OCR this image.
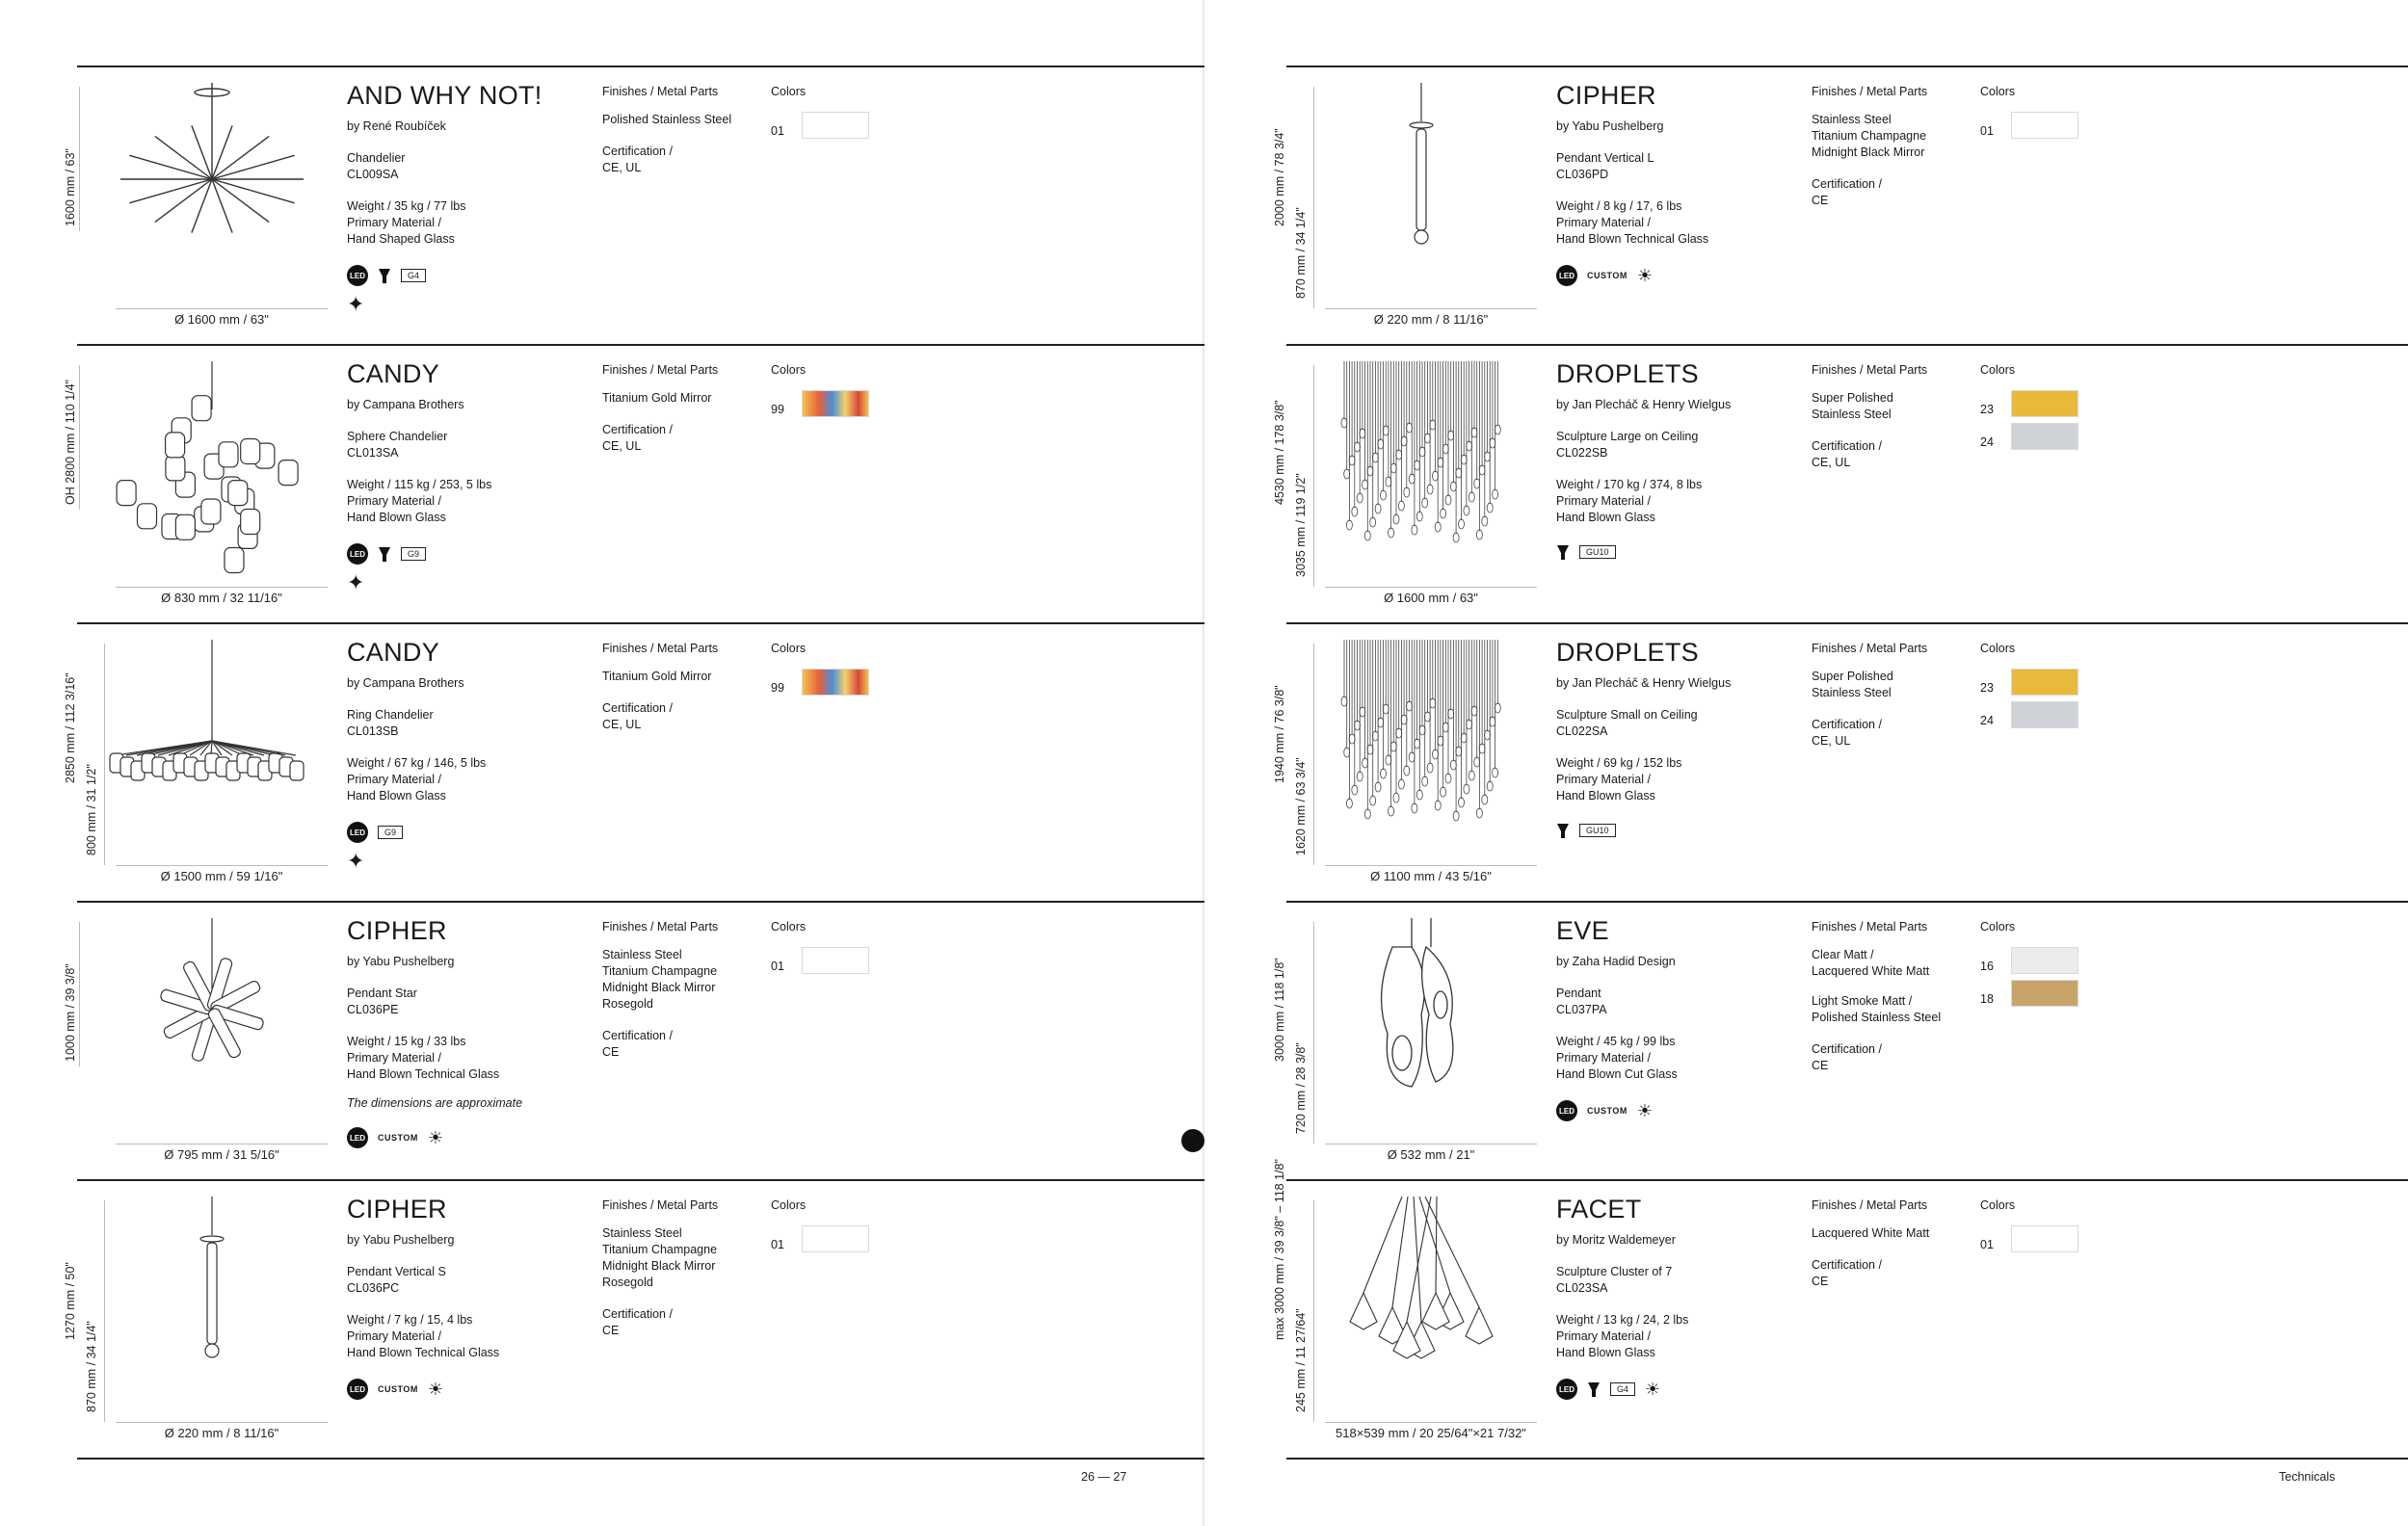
1600 mm / 63"
Ø 1600 mm / 63"
AND WHY NOT!

by René Roubíček

Chandelier

CL009SA

Weight / 35 kg / 77 lbs

Primary Material /

Hand Shaped Glass

LED	G4
✦

Finishes / Metal Parts

Polished Stainless Steel

Certification /

CE, UL

Colors

01
OH 2800 mm / 110 1/4"
Ø 830 mm / 32 11/16"
CANDY

by Campana Brothers

Sphere Chandelier

CL013SA

Weight / 115 kg / 253, 5 lbs

Primary Material /

Hand Blown Glass

LED	G9
✦

Finishes / Metal Parts

Titanium Gold Mirror

Certification /

CE, UL

Colors

99
2850 mm / 112 3/16"
800 mm / 31 1/2"
Ø 1500 mm / 59 1/16"
CANDY

by Campana Brothers

Ring Chandelier

CL013SB

Weight / 67 kg / 146, 5 lbs

Primary Material /

Hand Blown Glass

LED	G9
✦

Finishes / Metal Parts

Titanium Gold Mirror

Certification /

CE, UL

Colors

99
1000 mm / 39 3/8"
Ø 795 mm / 31 5/16"
CIPHER

by Yabu Pushelberg

Pendant Star

CL036PE

Weight / 15 kg / 33 lbs

Primary Material /

Hand Blown Technical Glass

The dimensions are approximate
LED	CUSTOM ☀

Finishes / Metal Parts

Stainless Steel

Titanium Champagne

Midnight Black Mirror

Rosegold

Certification /

CE

Colors

01
1270 mm / 50"
870 mm / 34 1/4"
Ø 220 mm / 8 11/16"
CIPHER

by Yabu Pushelberg

Pendant Vertical S

CL036PC

Weight / 7 kg / 15, 4 lbs

Primary Material /

Hand Blown Technical Glass

LED	CUSTOM ☀

Finishes / Metal Parts

Stainless Steel

Titanium Champagne

Midnight Black Mirror

Rosegold

Certification /

CE

Colors

01
2000 mm / 78 3/4"
870 mm / 34 1/4"
Ø 220 mm / 8 11/16"
CIPHER

by Yabu Pushelberg

Pendant Vertical L

CL036PD

Weight / 8 kg / 17, 6 lbs

Primary Material /

Hand Blown Technical Glass

LED	CUSTOM ☀

Finishes / Metal Parts

Stainless Steel

Titanium Champagne

Midnight Black Mirror

Certification /

CE

Colors

01
4530 mm / 178 3/8"
3035 mm / 119 1/2"
Ø 1600 mm / 63"
DROPLETS

by Jan Plecháč & Henry Wielgus

Sculpture Large on Ceiling

CL022SB

Weight / 170 kg / 374, 8 lbs

Primary Material /

Hand Blown Glass

GU10

Finishes / Metal Parts

Super Polished

Stainless Steel

Certification /

CE, UL

Colors

23
24
1940 mm / 76 3/8"
1620 mm / 63 3/4"
Ø 1100 mm / 43 5/16"
DROPLETS

by Jan Plecháč & Henry Wielgus

Sculpture Small on Ceiling

CL022SA

Weight / 69 kg / 152 lbs

Primary Material /

Hand Blown Glass

GU10

Finishes / Metal Parts

Super Polished

Stainless Steel

Certification /

CE, UL

Colors

23
24
3000 mm / 118 1/8"
720 mm / 28 3/8"
Ø 532 mm / 21"
EVE

by Zaha Hadid Design

Pendant

CL037PA

Weight / 45 kg / 99 lbs

Primary Material /

Hand Blown Cut Glass

LED	CUSTOM ☀

Finishes / Metal Parts

Clear Matt /

Lacquered White Matt

Light Smoke Matt /

Polished Stainless Steel

Certification /

CE

Colors

16
18
max 3000 mm / 39 3/8" – 118 1/8"
245 mm / 11 27/64"
518×539 mm / 20 25/64"×21 7/32"
FACET

by Moritz Waldemeyer

Sculpture Cluster of 7

CL023SA

Weight / 13 kg / 24, 2 lbs

Primary Material /

Hand Blown Glass

LED	G4 ☀

Finishes / Metal Parts

Lacquered White Matt

Certification /

CE

Colors

01
26 — 27	Technicals
